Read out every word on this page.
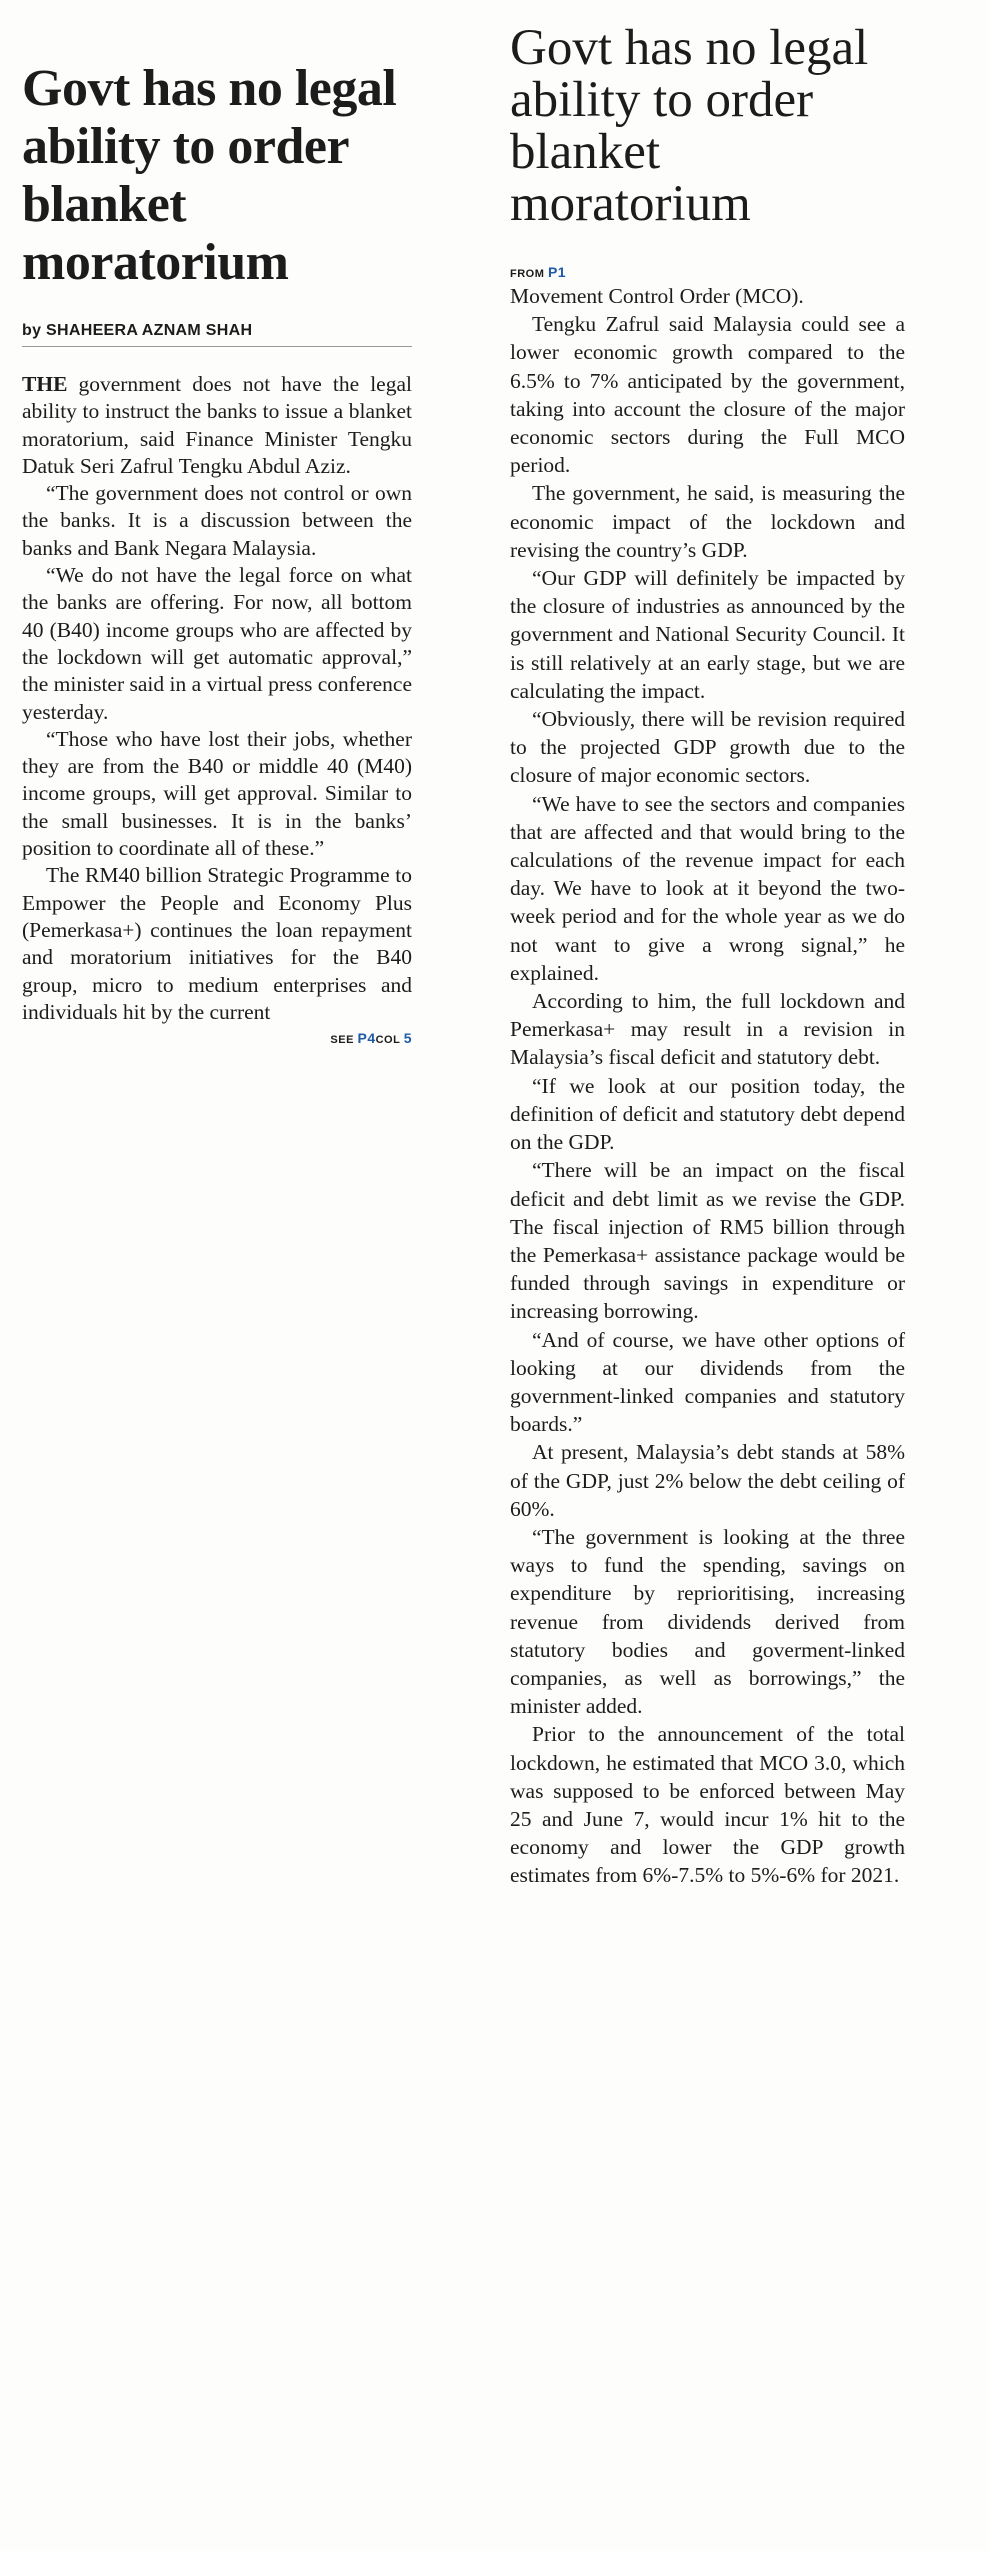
Govt has no legal ability to order blanket moratorium
by SHAHEERA AZNAM SHAH

THE government does not have the legal ability to instruct the banks to issue a blanket moratorium, said Finance Minister Tengku Datuk Seri Zafrul Tengku Abdul Aziz.

“The government does not control or own the banks. It is a discussion between the banks and Bank Negara Malaysia.

“We do not have the legal force on what the banks are offering. For now, all bottom 40 (B40) income groups who are affected by the lockdown will get automatic approval,” the minister said in a virtual press conference yesterday.

“Those who have lost their jobs, whether they are from the B40 or middle 40 (M40) income groups, will get approval. Similar to the small businesses. It is in the banks’ position to coordinate all of these.”

The RM40 billion Strategic Programme to Empower the People and Economy Plus (Pemerkasa+) continues the loan repayment and moratorium initiatives for the B40 group, micro to medium enterprises and individuals hit by the current

SEE P4COL 5
Govt has no legal ability to order blanket moratorium
FROM P1

Movement Control Order (MCO).

Tengku Zafrul said Malaysia could see a lower economic growth compared to the 6.5% to 7% anticipated by the government, taking into account the closure of the major economic sectors during the Full MCO period.

The government, he said, is measuring the economic impact of the lockdown and revising the country’s GDP.

“Our GDP will definitely be impacted by the closure of industries as announced by the government and National Security Council. It is still relatively at an early stage, but we are calculating the impact.

“Obviously, there will be revision required to the projected GDP growth due to the closure of major economic sectors.

“We have to see the sectors and companies that are affected and that would bring to the calculations of the revenue impact for each day. We have to look at it beyond the two-week period and for the whole year as we do not want to give a wrong signal,” he explained.

According to him, the full lockdown and Pemerkasa+ may result in a revision in Malaysia’s fiscal deficit and statutory debt.

“If we look at our position today, the definition of deficit and statutory debt depend on the GDP.

“There will be an impact on the fiscal deficit and debt limit as we revise the GDP. The fiscal injection of RM5 billion through the Pemerkasa+ assistance package would be funded through savings in expenditure or increasing borrowing.

“And of course, we have other options of looking at our dividends from the government-linked companies and statutory boards.”

At present, Malaysia’s debt stands at 58% of the GDP, just 2% below the debt ceiling of 60%.

“The government is looking at the three ways to fund the spending, savings on expenditure by reprioritising, increasing revenue from dividends derived from statutory bodies and goverment-linked companies, as well as borrowings,” the minister added.

Prior to the announcement of the total lockdown, he estimated that MCO 3.0, which was supposed to be enforced between May 25 and June 7, would incur 1% hit to the economy and lower the GDP growth estimates from 6%-7.5% to 5%-6% for 2021.
